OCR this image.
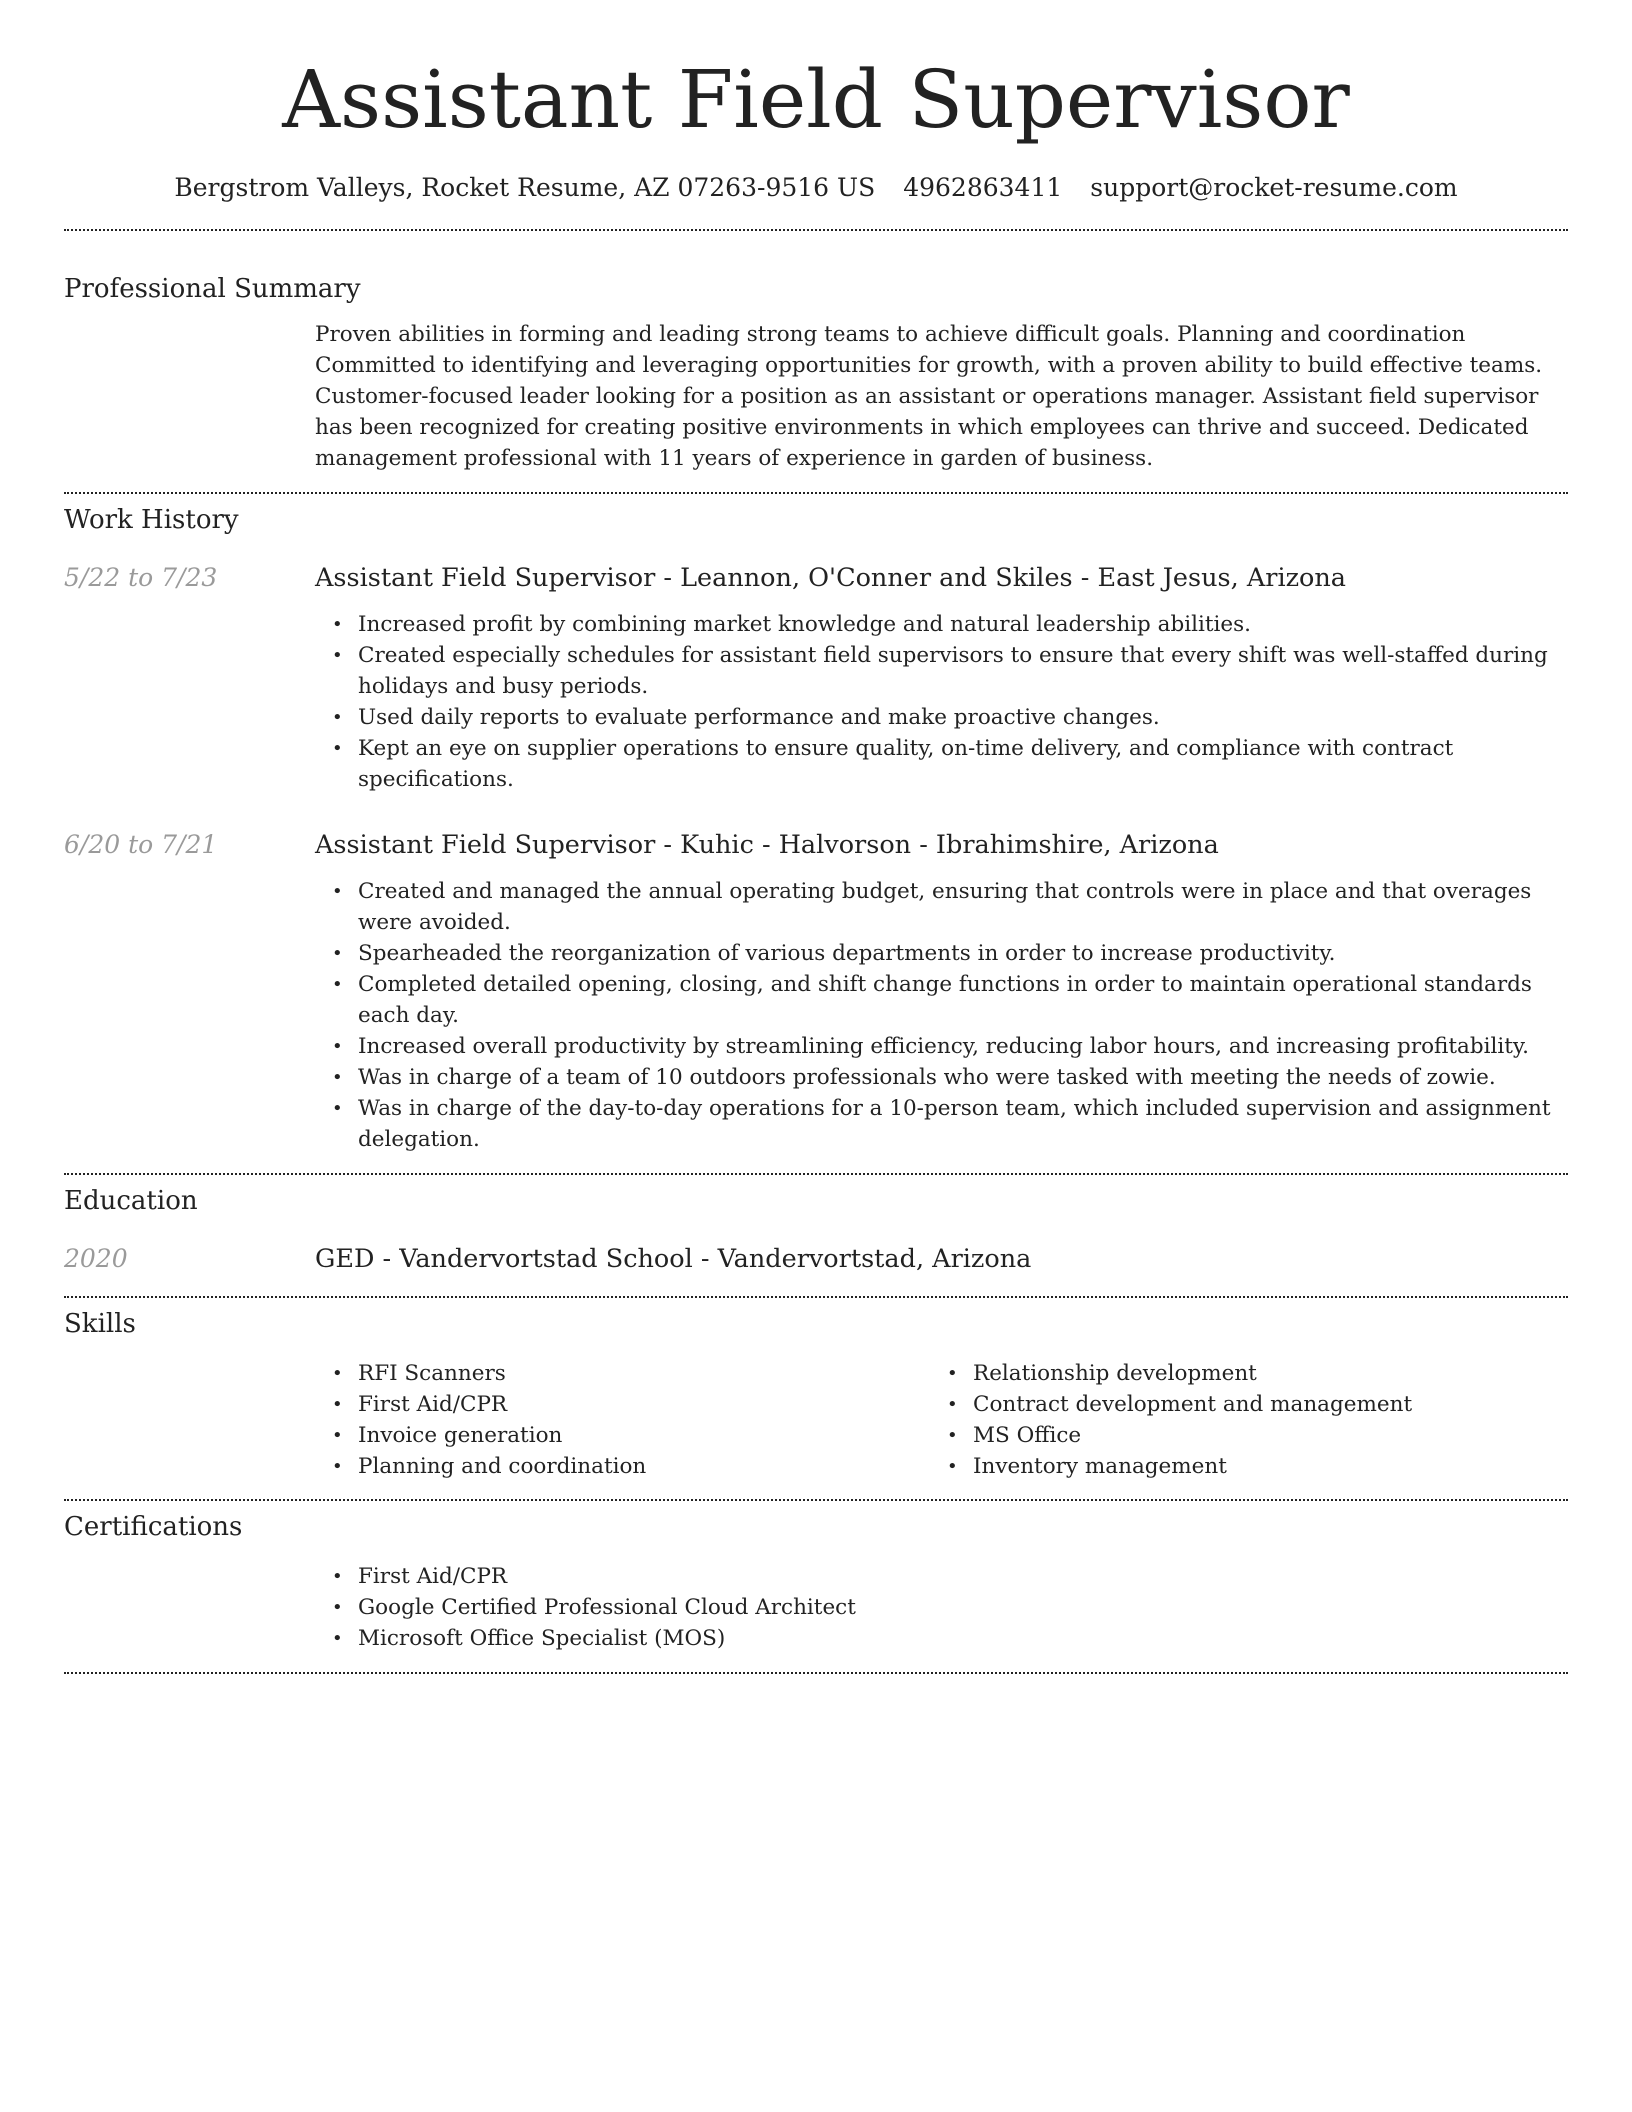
Assistant Field Supervisor
Bergstrom Valleys, Rocket Resume, AZ 07263-9516 US 4962863411 support@rocket-resume.com
Professional Summary

Proven abilities in forming and leading strong teams to achieve difficult goals. Planning and coordination Committed to identifying and leveraging opportunities for growth, with a proven ability to build effective teams. Customer-focused leader looking for a position as an assistant or operations manager. Assistant field supervisor has been recognized for creating positive environments in which employees can thrive and succeed. Dedicated management professional with 11 years of experience in garden of business.

Work History
5/22 to 7/23	Assistant Field Supervisor - Leannon, O'Conner and Skiles - East Jesus, Arizona
• Increased profit by combining market knowledge and natural leadership abilities.
• Created especially schedules for assistant field supervisors to ensure that every shift was well-staffed during holidays and busy periods.
• Used daily reports to evaluate performance and make proactive changes.
• Kept an eye on supplier operations to ensure quality, on-time delivery, and compliance with contract specifications.
6/20 to 7/21	Assistant Field Supervisor - Kuhic - Halvorson - Ibrahimshire, Arizona
• Created and managed the annual operating budget, ensuring that controls were in place and that overages were avoided.
• Spearheaded the reorganization of various departments in order to increase productivity.
• Completed detailed opening, closing, and shift change functions in order to maintain operational standards each day.
• Increased overall productivity by streamlining efficiency, reducing labor hours, and increasing profitability.
• Was in charge of a team of 10 outdoors professionals who were tasked with meeting the needs of zowie.
• Was in charge of the day-to-day operations for a 10-person team, which included supervision and assignment delegation.
Education
2020	GED - Vandervortstad School - Vandervortstad, Arizona
Skills
• RFI Scanners
• First Aid/CPR
• Invoice generation
• Planning and coordination
• Relationship development
• Contract development and management
• MS Office
• Inventory management
Certifications
• First Aid/CPR
• Google Certified Professional Cloud Architect
• Microsoft Office Specialist (MOS)
